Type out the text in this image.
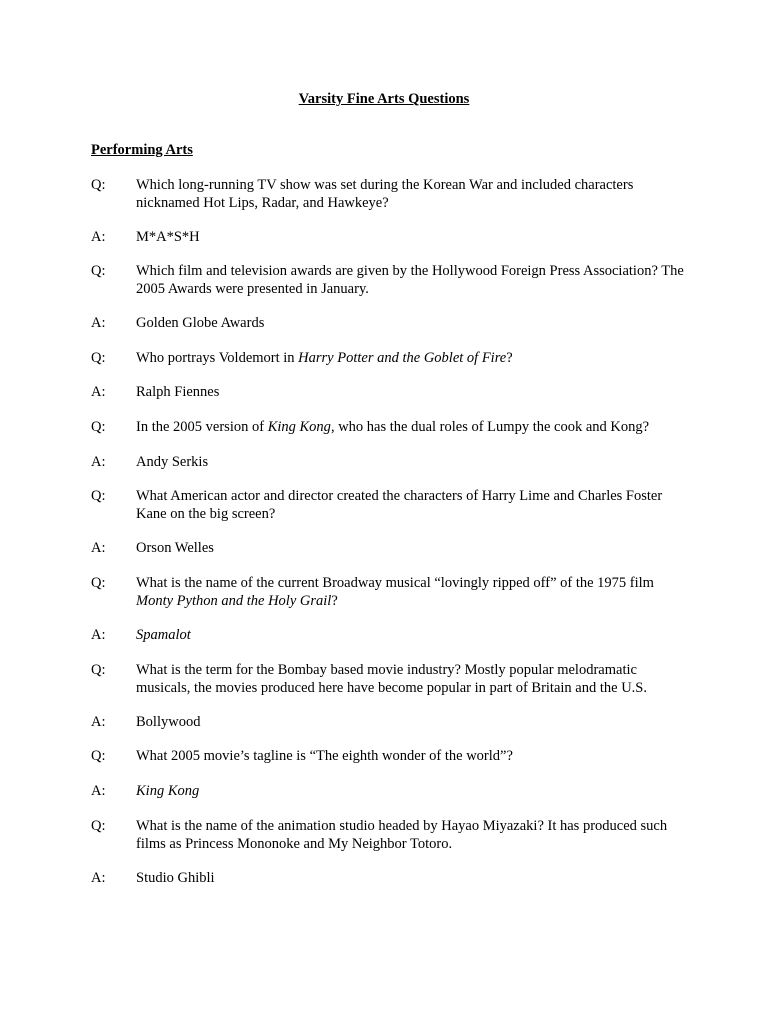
Varsity Fine Arts Questions
Performing Arts
Q: Which long-running TV show was set during the Korean War and included characters nicknamed Hot Lips, Radar, and Hawkeye?
A: M*A*S*H
Q: Which film and television awards are given by the Hollywood Foreign Press Association? The 2005 Awards were presented in January.
A: Golden Globe Awards
Q: Who portrays Voldemort in Harry Potter and the Goblet of Fire?
A: Ralph Fiennes
Q: In the 2005 version of King Kong, who has the dual roles of Lumpy the cook and Kong?
A: Andy Serkis
Q: What American actor and director created the characters of Harry Lime and Charles Foster Kane on the big screen?
A: Orson Welles
Q: What is the name of the current Broadway musical “lovingly ripped off” of the 1975 film Monty Python and the Holy Grail?
A: Spamalot
Q: What is the term for the Bombay based movie industry? Mostly popular melodramatic musicals, the movies produced here have become popular in part of Britain and the U.S.
A: Bollywood
Q: What 2005 movie’s tagline is “The eighth wonder of the world”?
A: King Kong
Q: What is the name of the animation studio headed by Hayao Miyazaki? It has produced such films as Princess Mononoke and My Neighbor Totoro.
A: Studio Ghibli
